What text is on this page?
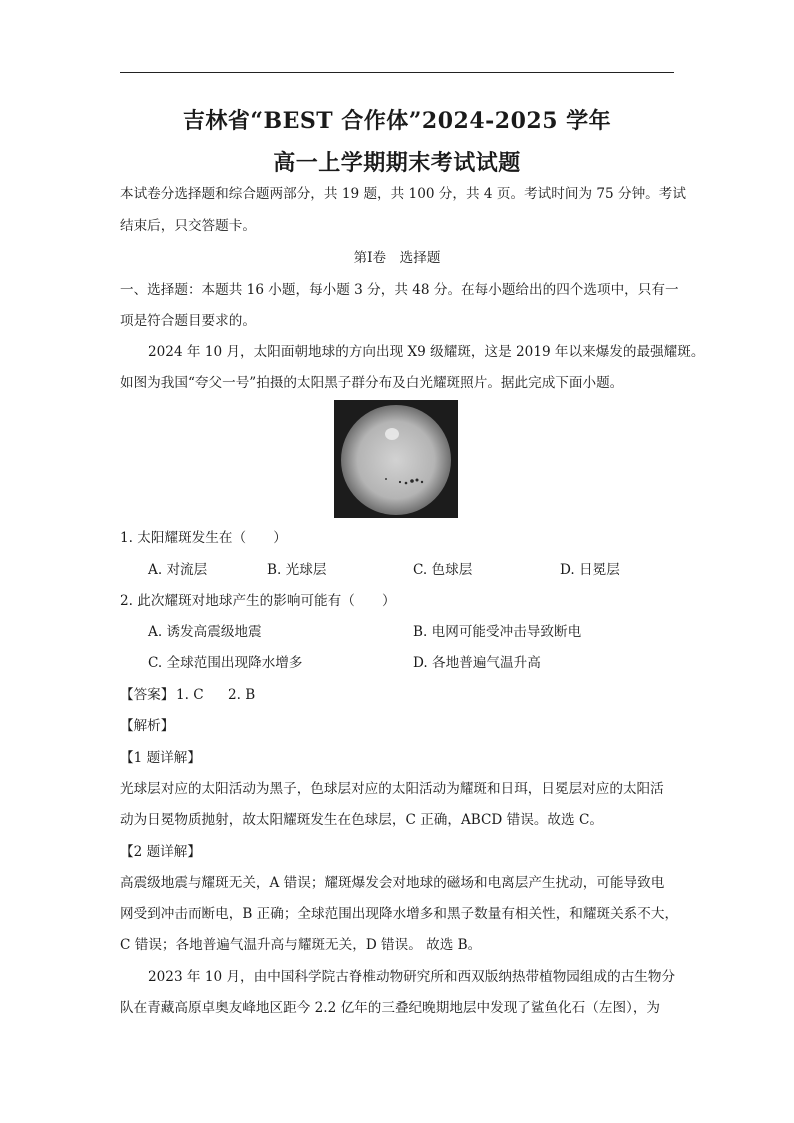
吉林省“BEST 合作体”2024-2025 学年
高一上学期期末考试试题
本试卷分选择题和综合题两部分，共 19 题，共 100 分，共 4 页。考试时间为 75 分钟。考试
结束后，只交答题卡。
第Ⅰ卷　选择题
一、选择题：本题共 16 小题，每小题 3 分，共 48 分。在每小题给出的四个选项中，只有一
项是符合题目要求的。
2024 年 10 月，太阳面朝地球的方向出现 X9 级耀斑，这是 2019 年以来爆发的最强耀斑。
如图为我国“夸父一号”拍摄的太阳黑子群分布及白光耀斑照片。据此完成下面小题。
1. 太阳耀斑发生在（　　）
A. 对流层	B. 光球层	C. 色球层	D. 日冕层
2. 此次耀斑对地球产生的影响可能有（　　）
A. 诱发高震级地震	B. 电网可能受冲击导致断电
C. 全球范围出现降水增多	D. 各地普遍气温升高
【答案】 1. C 2. B
【解析】
【1 题详解】
光球层对应的太阳活动为黑子，色球层对应的太阳活动为耀斑和日珥，日冕层对应的太阳活
动为日冕物质抛射，故太阳耀斑发生在色球层，C 正确，ABCD 错误。故选 C。
【2 题详解】
高震级地震与耀斑无关，A 错误；耀斑爆发会对地球的磁场和电离层产生扰动，可能导致电
网受到冲击而断电，B 正确；全球范围出现降水增多和黑子数量有相关性，和耀斑关系不大，
C 错误；各地普遍气温升高与耀斑无关，D 错误。 故选 B。
2023 年 10 月，由中国科学院古脊椎动物研究所和西双版纳热带植物园组成的古生物分
队在青藏高原卓奥友峰地区距今 2.2 亿年的三叠纪晚期地层中发现了鲨鱼化石（左图），为
